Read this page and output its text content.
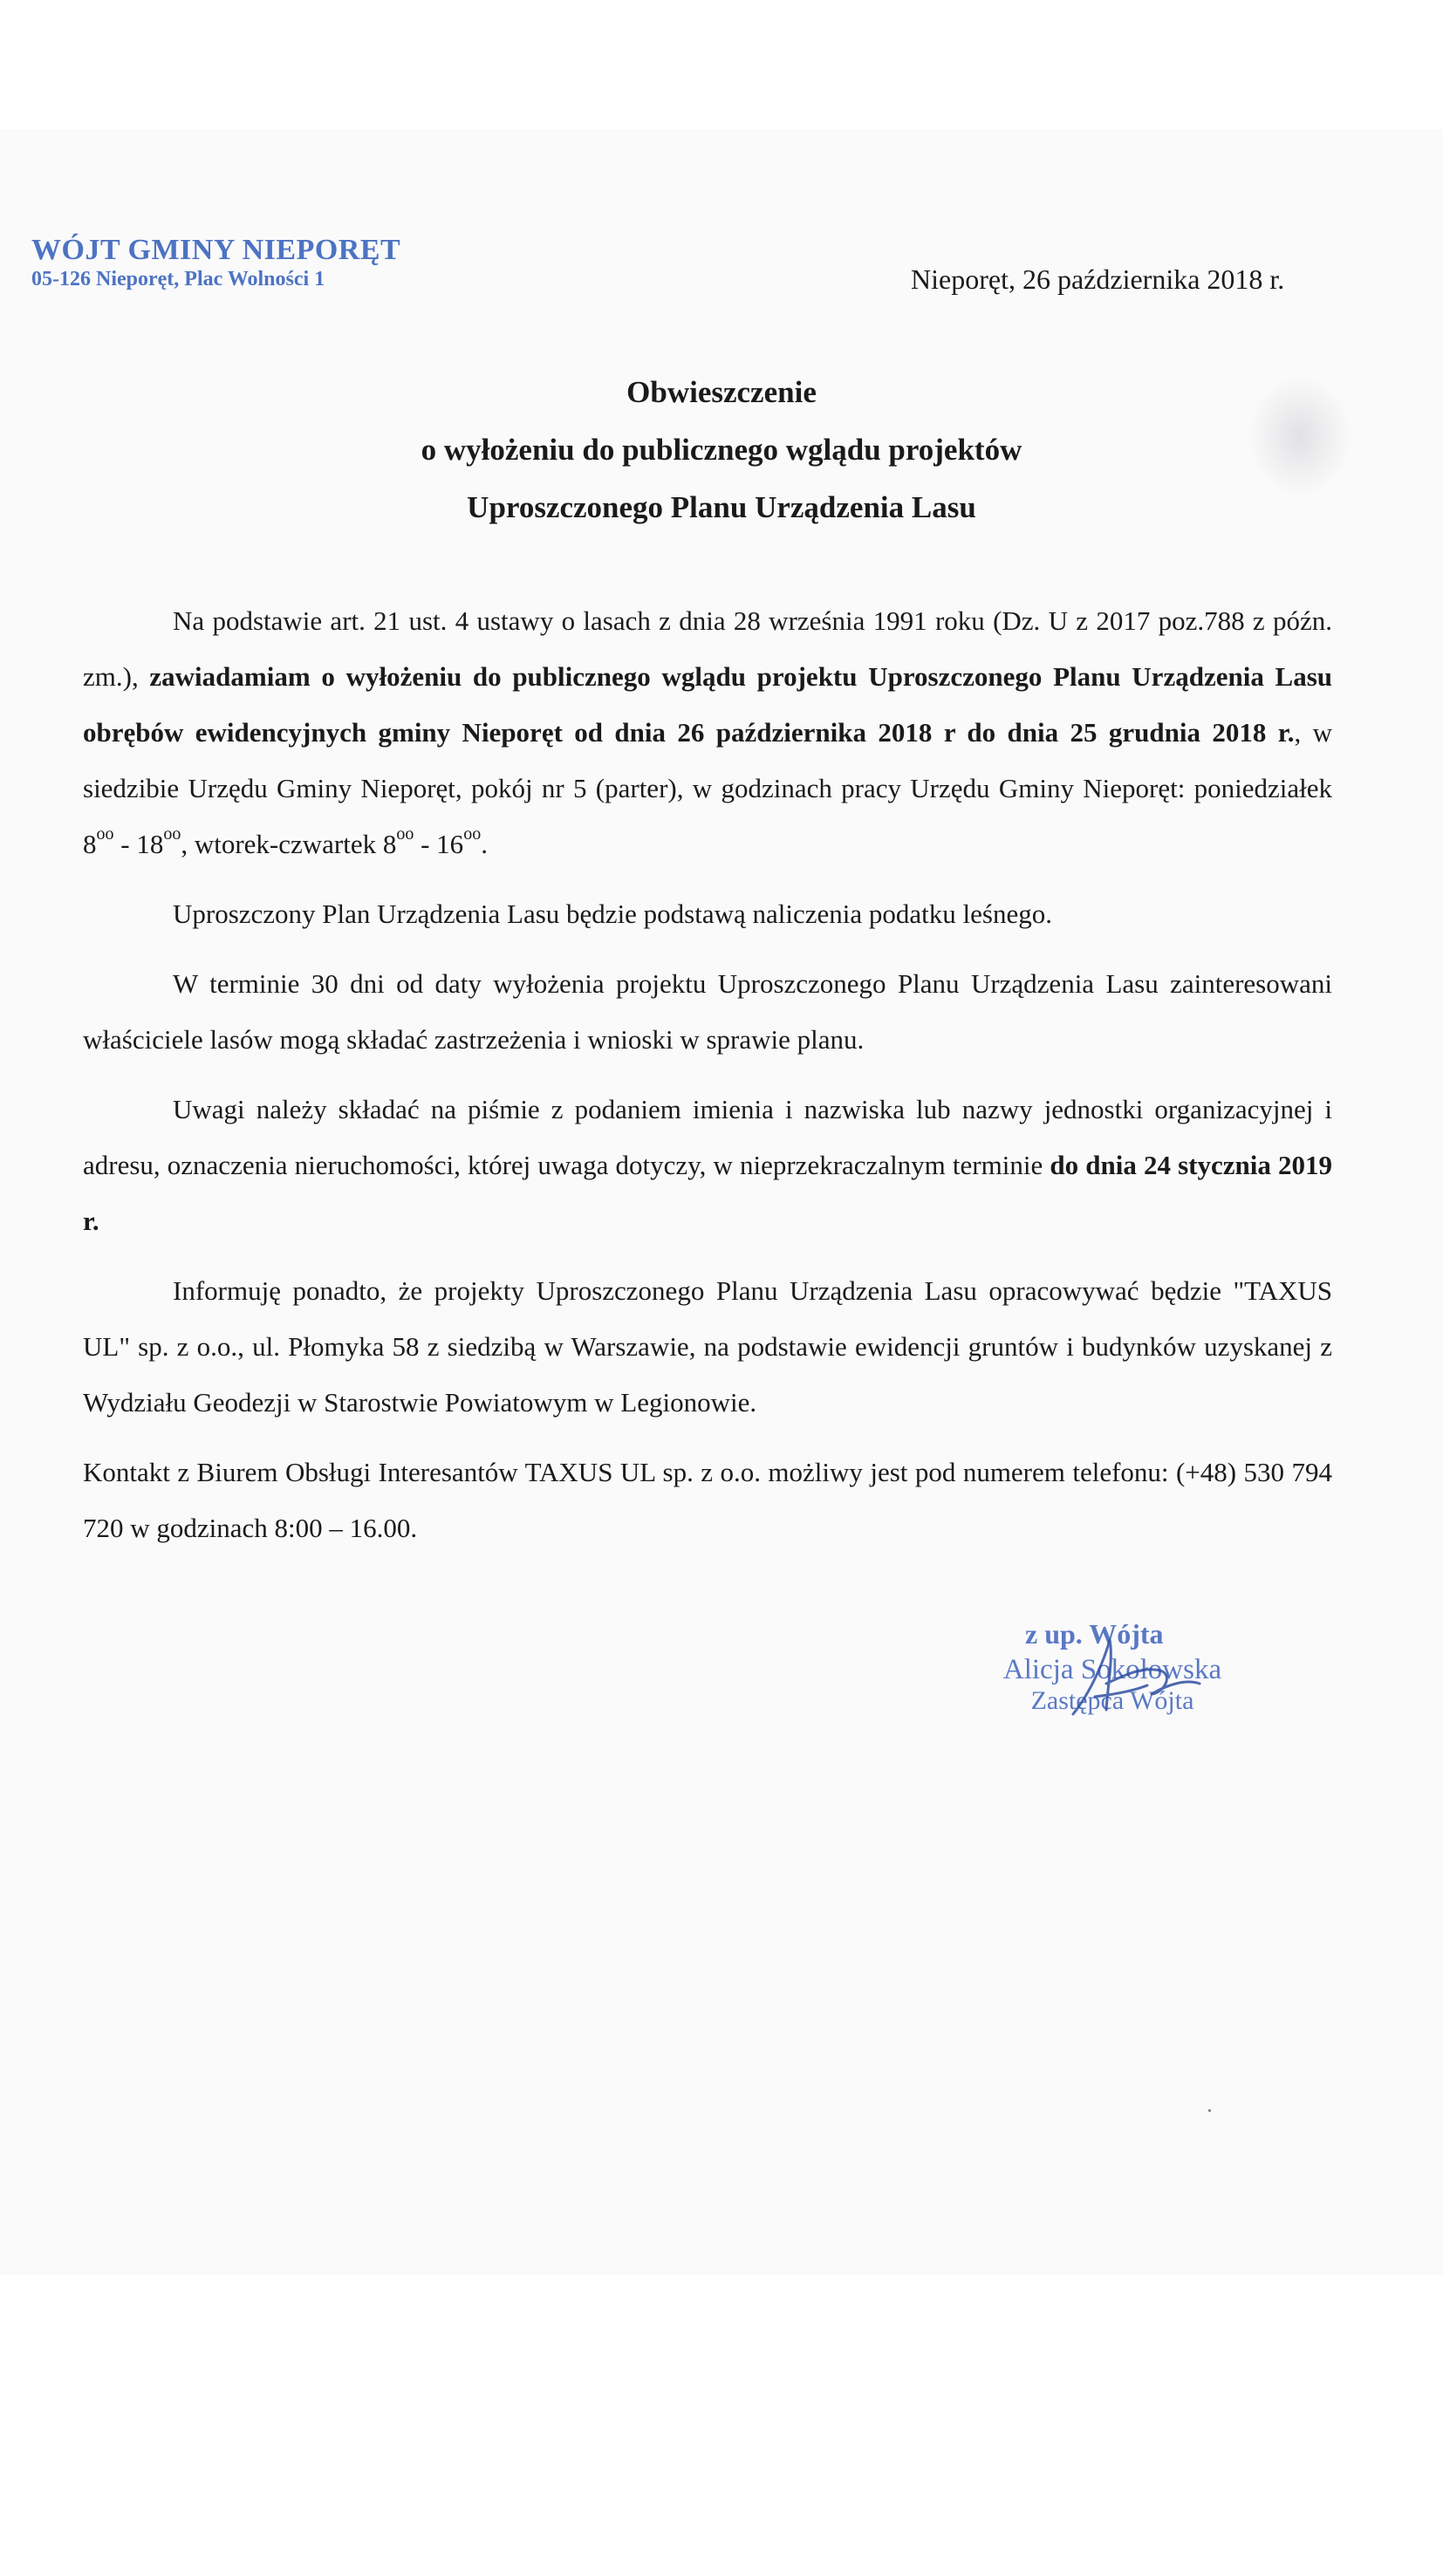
WÓJT GMINY NIEPORĘT
05-126 Nieporęt, Plac Wolności 1	Nieporęt, 26 października 2018 r.
Obwieszczenie
o wyłożeniu do publicznego wglądu projektów
Uproszczonego Planu Urządzenia Lasu

Na podstawie art. 21 ust. 4 ustawy o lasach z dnia 28 września 1991 roku (Dz. U z 2017 poz.788 z późn. zm.), zawiadamiam o wyłożeniu do publicznego wglądu projektu Uproszczonego Planu Urządzenia Lasu obrębów ewidencyjnych gminy Nieporęt od dnia 26 października 2018 r do dnia 25 grudnia 2018 r., w siedzibie Urzędu Gminy Nieporęt, pokój nr 5 (parter), w godzinach pracy Urzędu Gminy Nieporęt: poniedziałek $8^{oo} - 18^{oo}$, wtorek-czwartek $8^{oo} - 16^{oo}$.

Uproszczony Plan Urządzenia Lasu będzie podstawą naliczenia podatku leśnego.

W terminie 30 dni od daty wyłożenia projektu Uproszczonego Planu Urządzenia Lasu zainteresowani właściciele lasów mogą składać zastrzeżenia i wnioski w sprawie planu.

Uwagi należy składać na piśmie z podaniem imienia i nazwiska lub nazwy jednostki organizacyjnej i adresu, oznaczenia nieruchomości, której uwaga dotyczy, w nieprzekraczalnym terminie do dnia 24 stycznia 2019 r.

Informuję ponadto, że projekty Uproszczonego Planu Urządzenia Lasu opracowywać będzie "TAXUS UL" sp. z o.o., ul. Płomyka 58 z siedzibą w Warszawie, na podstawie ewidencji gruntów i budynków uzyskanej z Wydziału Geodezji w Starostwie Powiatowym w Legionowie.

Kontakt z Biurem Obsługi Interesantów TAXUS UL sp. z o.o. możliwy jest pod numerem telefonu: (+48) 530 794 720 w godzinach 8:00 – 16.00.

z up. Wójta
Alicja Sokołowska
Zastępca Wójta
